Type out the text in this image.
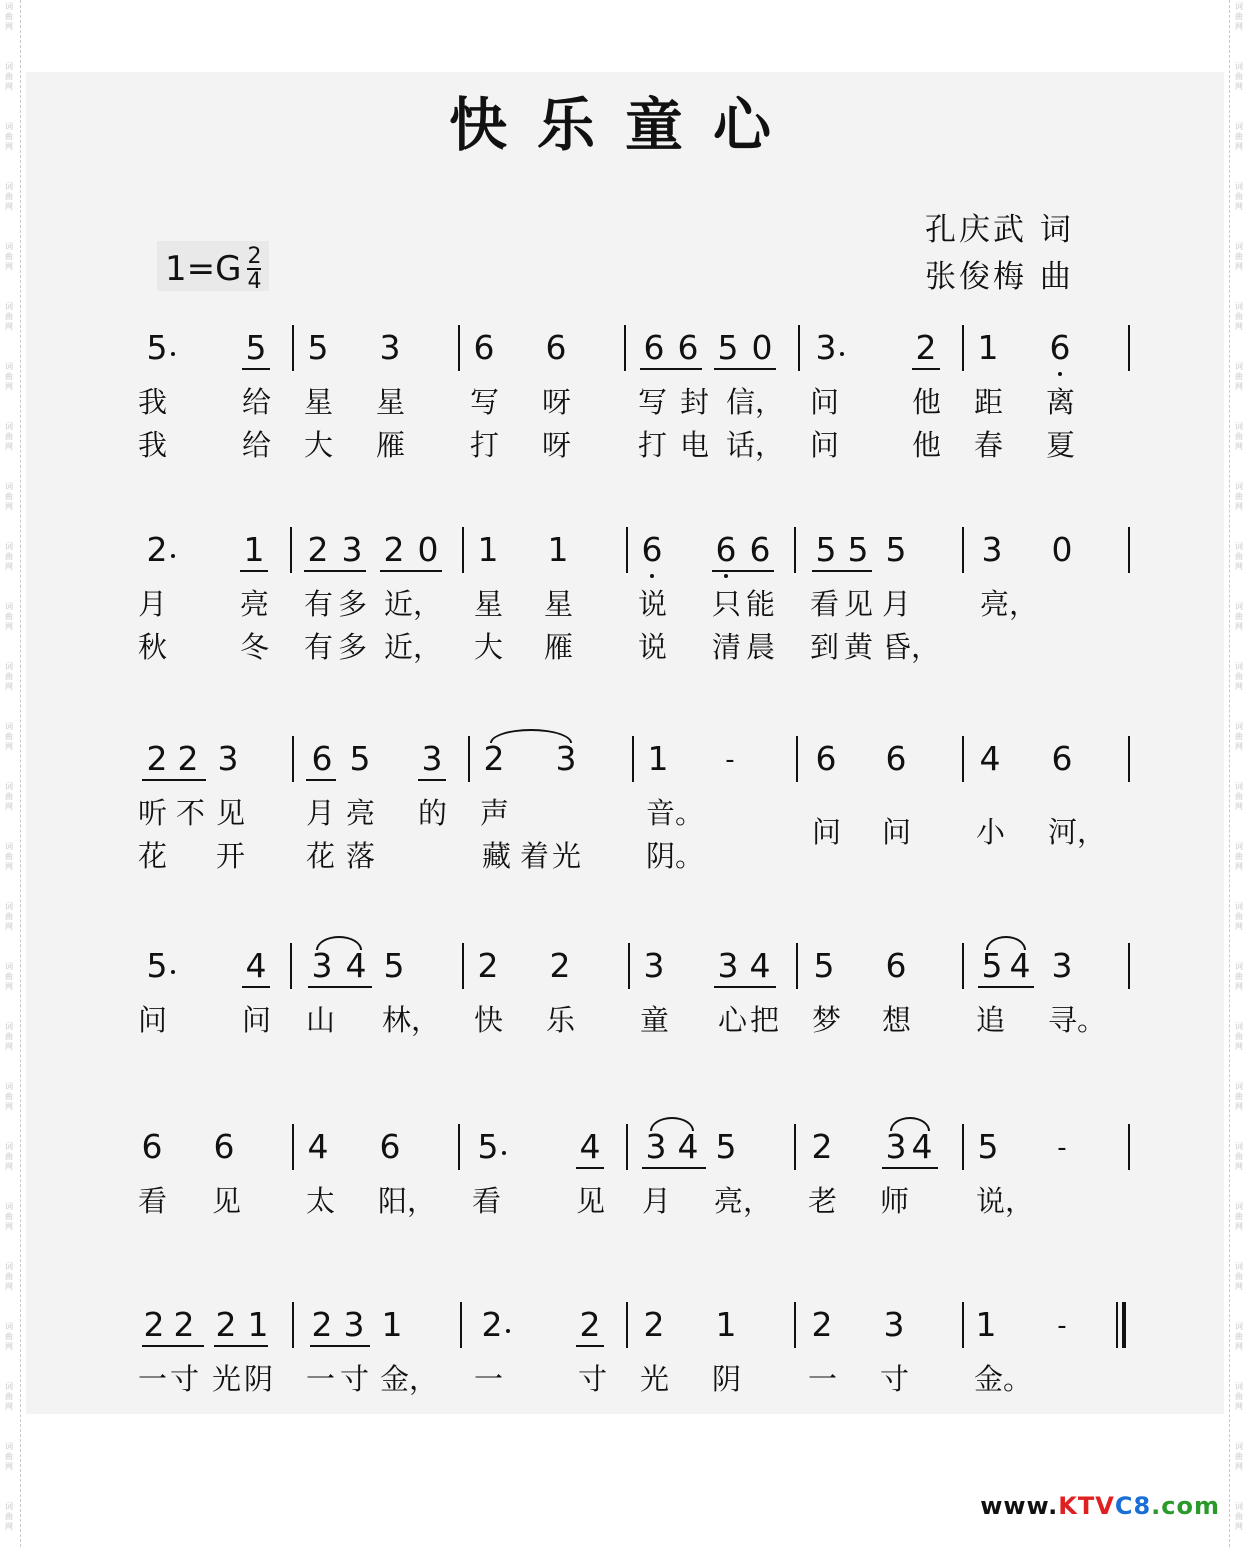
词
曲
网
词
曲
网
词
曲
网
词
曲
网
词
曲
网
词
曲
网
词
曲
网
词
曲
网
词
曲
网
词
曲
网
词
曲
网
词
曲
网
词
曲
网
词
曲
网
词
曲
网
词
曲
网
词
曲
网
词
曲
网
词
曲
网
词
曲
网
词
曲
网
词
曲
网
词
曲
网
词
曲
网
词
曲
网
词
曲
网
词
曲
网
词
曲
网
词
曲
网
词
曲
网
词
曲
网
词
曲
网
词
曲
网
词
曲
网
词
曲
网
词
曲
网
词
曲
网
词
曲
网
词
曲
网
词
曲
网
词
曲
网
词
曲
网
词
曲
网
词
曲
网
词
曲
网
词
曲
网
词
曲
网
词
曲
网
词
曲
网
词
曲
网
词
曲
网
词
曲
网
快乐童心
孔庆武 词
张俊梅 曲
$1=G \frac{2}{4}$
5 5 5 3 6 6 6 6 5 0 3 2 1 6
我	给 星 星 写 呀 写 封 信， 问	他 距 离
我	给 大 雁 打 呀 打 电 话， 问	他 春 夏
2 1 2 3 2 0 1 1 6 6 6 5 5 5 3 0
月	亮 有 多 近， 星 星 说 只 能 看 见 月 亮，
秋	冬 有 多 近， 大 雁 说 清 晨 到 黄 昏，
2 2 3 6 5 3 2 3 1	-	6 6 4 6
听 不 见 月 亮 的 声	音。
花 开 花 落	藏 着 光 阴。
问 问 小 河，
5 4 3 4 5 2 2 3 3 4 5 6 5 4 3
问	问 山 林， 快 乐 童 心 把 梦 想 追 寻。
6 6 4 6 5 4 3 4 5 2 3 4 5	-
看 见 太 阳， 看	见 月 亮， 老 师 说，
2 2 2 1 2 3 1 2 2 2 1 2 3 1	-
一 寸 光 阴 一 寸 金， 一	寸 光 阴 一 寸 金。
www.KTVC8.com
